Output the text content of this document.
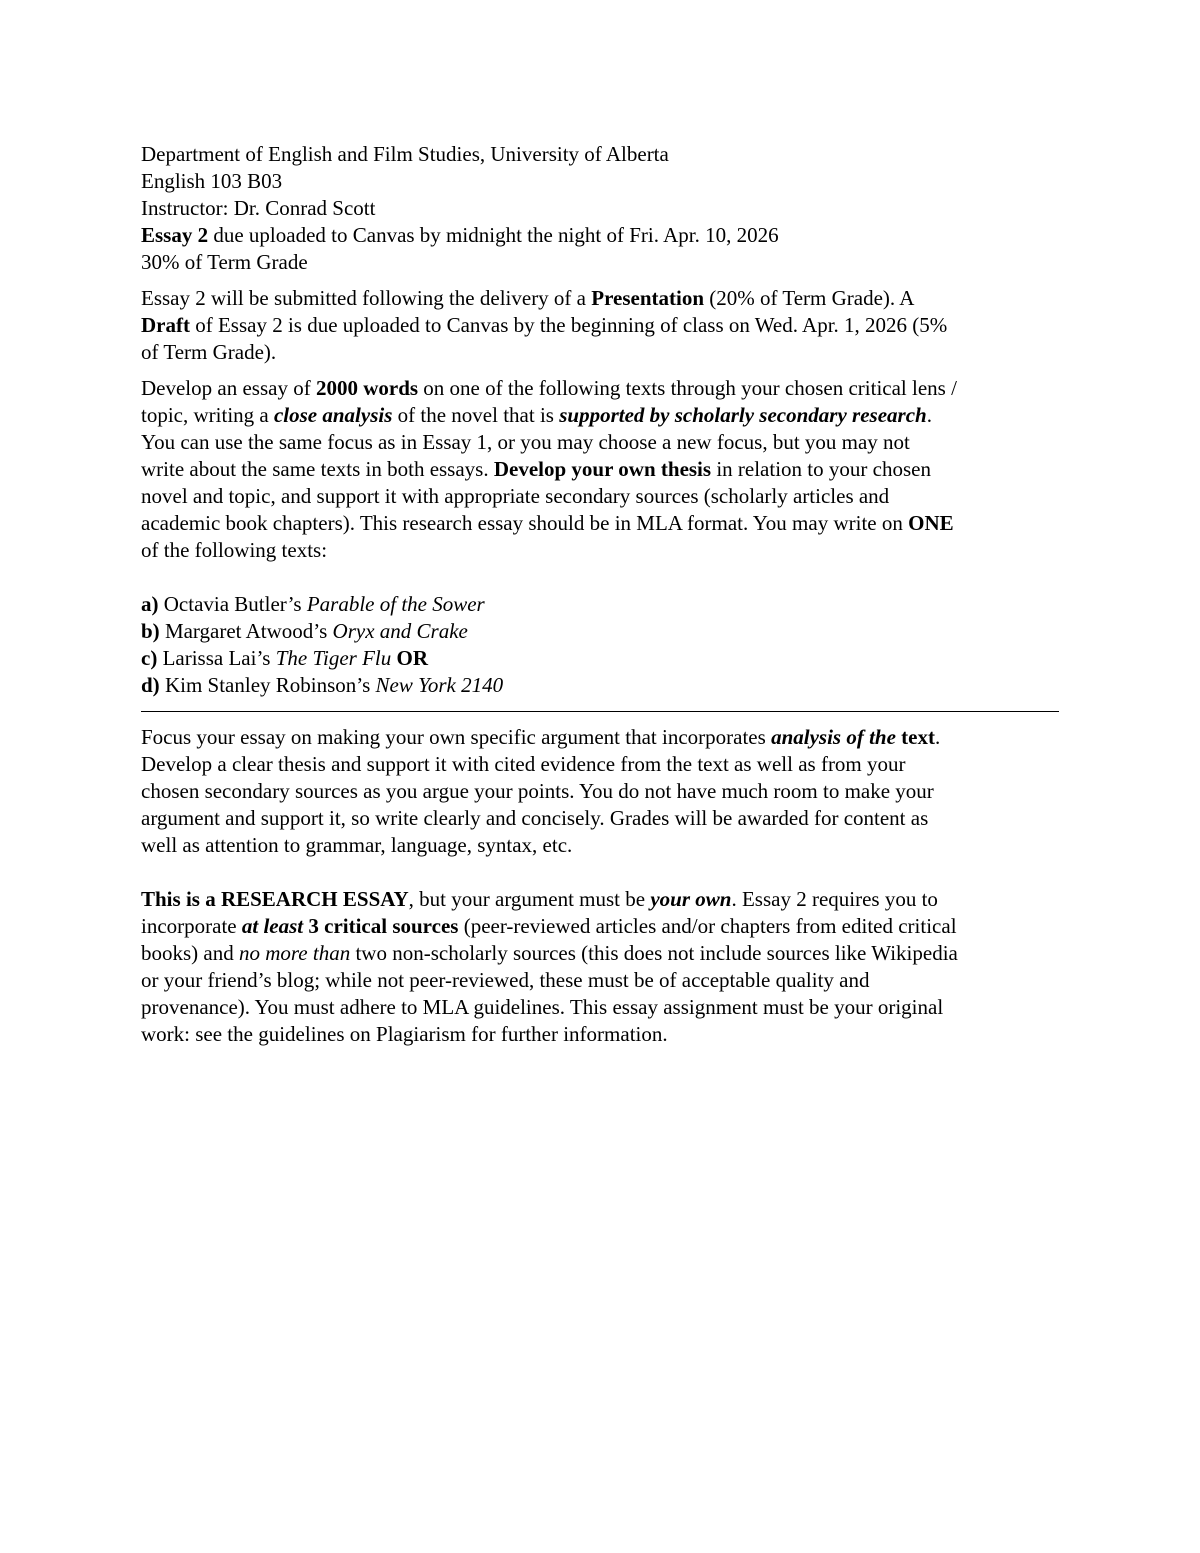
Department of English and Film Studies, University of Alberta
English 103 B03
Instructor: Dr. Conrad Scott
Essay 2 due uploaded to Canvas by midnight the night of Fri. Apr. 10, 2026
30% of Term Grade
Essay 2 will be submitted following the delivery of a Presentation (20% of Term Grade). A
Draft of Essay 2 is due uploaded to Canvas by the beginning of class on Wed. Apr. 1, 2026 (5%
of Term Grade).
Develop an essay of 2000 words on one of the following texts through your chosen critical lens /
topic, writing a close analysis of the novel that is supported by scholarly secondary research.
You can use the same focus as in Essay 1, or you may choose a new focus, but you may not
write about the same texts in both essays. Develop your own thesis in relation to your chosen
novel and topic, and support it with appropriate secondary sources (scholarly articles and
academic book chapters). This research essay should be in MLA format. You may write on ONE
of the following texts:
a) Octavia Butler’s Parable of the Sower
b) Margaret Atwood’s Oryx and Crake
c) Larissa Lai’s The Tiger Flu OR
d) Kim Stanley Robinson’s New York 2140
Focus your essay on making your own specific argument that incorporates analysis of the text.
Develop a clear thesis and support it with cited evidence from the text as well as from your
chosen secondary sources as you argue your points. You do not have much room to make your
argument and support it, so write clearly and concisely. Grades will be awarded for content as
well as attention to grammar, language, syntax, etc.
This is a RESEARCH ESSAY, but your argument must be your own. Essay 2 requires you to
incorporate at least 3 critical sources (peer-reviewed articles and/or chapters from edited critical
books) and no more than two non-scholarly sources (this does not include sources like Wikipedia
or your friend’s blog; while not peer-reviewed, these must be of acceptable quality and
provenance). You must adhere to MLA guidelines. This essay assignment must be your original
work: see the guidelines on Plagiarism for further information.
